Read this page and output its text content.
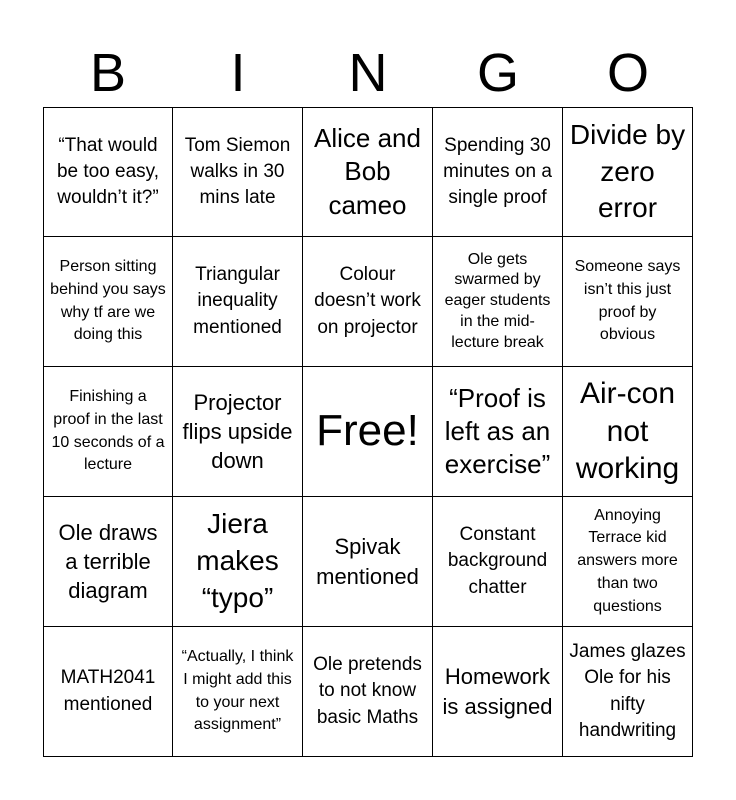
B	I	N	G	O
“That would be too easy, wouldn’t it?”
Tom Siemon walks in 30 mins late
Alice and Bob cameo
Spending 30 minutes on a single proof
Divide by zero error
Person sitting behind you says why tf are we doing this
Triangular inequality mentioned
Colour doesn’t work on projector
Ole gets swarmed by eager students in the mid-lecture break
Someone says isn’t this just proof by obvious
Finishing a proof in the last 10 seconds of a lecture
Projector flips upside down
Free!
“Proof is left as an exercise”
Air-con not working
Ole draws a terrible diagram
Jiera makes “typo”
Spivak mentioned
Constant background chatter
Annoying Terrace kid answers more than two questions
MATH2041 mentioned
“Actually, I think I might add this to your next assignment”
Ole pretends to not know basic Maths
Homework is assigned
James glazes Ole for his nifty handwriting
